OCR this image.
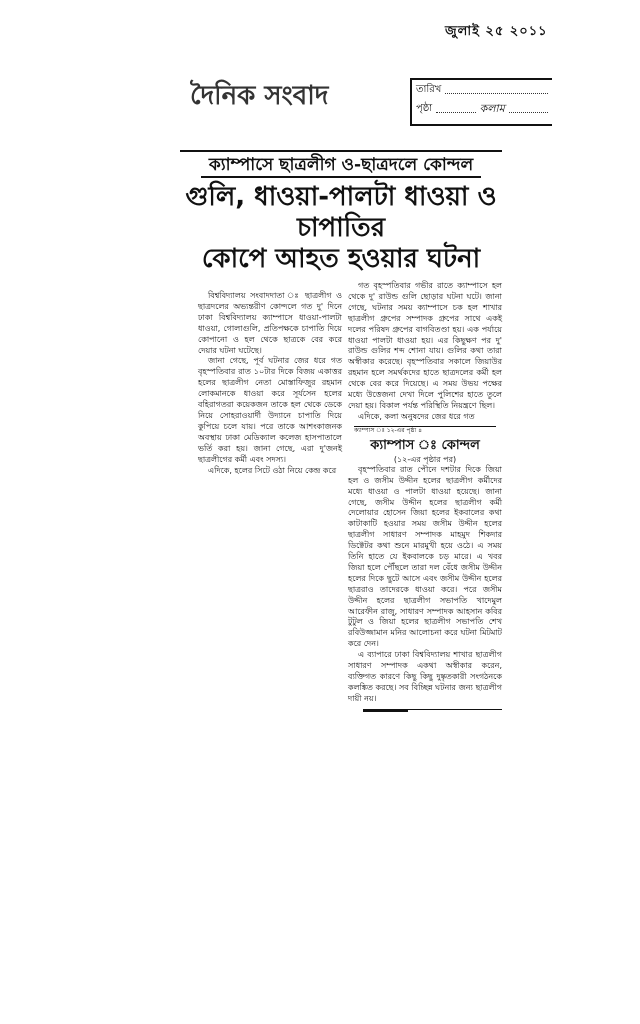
জুলাই ২৫ ২০১১
দৈনিক সংবাদ	তারিখ
পৃষ্ঠা	কলাম
ক্যাম্পাসে ছাত্রলীগ ও-ছাত্রদলে কোন্দল
গুলি, ধাওয়া-পালটা ধাওয়া ও চাপাতির
কোপে আহত হওয়ার ঘটনা

বিশ্ববিদ্যালয় সংবাদদাতা ঃ ছাত্রলীগ ও ছাত্রদলের অভ্যন্তরীণ কোন্দলে গত দু' দিনে ঢাকা বিশ্ববিদ্যালয় ক্যাম্পাসে ধাওয়া-পালটা ধাওয়া, গোলাগুলি, প্রতিপক্ষকে চাপাতি দিয়ে কোপানো ও হল থেকে ছাত্রকে বের করে দেয়ার ঘটনা ঘটেছে।

জানা গেছে, পূর্ব ঘটনার জের ধরে গত বৃহস্পতিবার রাত ১০টার দিকে বিজয় একাত্তর হলের ছাত্রলীগ নেতা মোস্তাফিজুর রহমান লোকমানকে ধাওয়া করে সূর্যসেন হলের বহিরাগতরা কয়েকজন তাকে হল থেকে ডেকে নিয়ে সোহরাওয়ার্দী উদ্যানে চাপাতি দিয়ে কুপিয়ে চলে যায়। পরে তাকে আশংকাজনক অবস্থায় ঢাকা মেডিক্যাল কলেজ হাসপাতালে ভর্তি করা হয়। জানা গেছে, এরা দু'জনই ছাত্রলীগের কর্মী এবং সদস্য।

এদিকে, হলের সিটে ওঠা নিয়ে কেন্দ্র করে

গত বৃহস্পতিবার গভীর রাতে ক্যাম্পাসে হল থেকে দু' রাউন্ড গুলি ছোড়ার ঘটনা ঘটে। জানা গেছে, ঘটনার সময় ক্যাম্পাসে চক হল শাখার ছাত্রলীগ গ্রুপের সম্পাদক গ্রুপের সাথে একই দলের পরিষদ গ্রুপের বাগবিতণ্ডা হয়। এক পর্যায়ে ধাওয়া পালটা ধাওয়া হয়। এর কিছুক্ষণ পর দু' রাউন্ড গুলির শব্দ শোনা যায়। গুলির কথা তারা অস্বীকার করেছে। বৃহস্পতিবার সকালে জিয়াউর রহমান হলে সমর্থকদের হাতে ছাত্রদলের কর্মী হল থেকে বের করে দিয়েছে। এ সময় উভয় পক্ষের মধ্যে উত্তেজনা দেখা দিলে পুলিশের হাতে তুলে দেয়া হয়। বিকাল পর্যন্ত পরিস্থিতি নিয়ন্ত্রণে ছিল।

এদিকে, কলা অনুষদের জের ধরে গত

ক্যাম্পাস ঃ ১২-এর পৃষ্ঠা ৪
ক্যাম্পাস ঃ কোন্দল
(১২-এর পৃষ্ঠার পর)

বৃহস্পতিবার রাত পৌনে দশটার দিকে জিয়া হল ও জসীম উদ্দীন হলের ছাত্রলীগ কর্মীদের মধ্যে ধাওয়া ও পালটা ধাওয়া হয়েছে। জানা গেছে, জসীম উদ্দীন হলের ছাত্রলীগ কর্মী দেলোয়ার হোসেন জিয়া হলের ইকবালের কথা কাটাকাটি হওয়ার সময় জসীম উদ্দীন হলের ছাত্রলীগ সাধারণ সম্পাদক মাহমুদ শিকদার ডিক্টেটর কথা শুনে মারমুখী হয়ে ওঠে। এ সময় তিনি হাতে যে ইকবালকে চড় মারে। এ খবর জিয়া হলে পৌঁছলে তারা দল বেঁধে জসীম উদ্দীন হলের দিকে ছুটে আসে এবং জসীম উদ্দীন হলের ছাত্ররাও তাদেরকে ধাওয়া করে। পরে জসীম উদ্দীন হলের ছাত্রলীগ সভাপতি খাদেমুল আরেফীন রাজু, সাধারণ সম্পাদক আহসান কবির টুটুল ও জিয়া হলের ছাত্রলীগ সভাপতি শেখ রবিউজ্জামান মনির আলোচনা করে ঘটনা মিটমাট করে দেন।

এ ব্যাপারে ঢাকা বিশ্ববিদ্যালয় শাখার ছাত্রলীগ সাধারণ সম্পাদক একথা অস্বীকার করেন, ব্যক্তিগত কারণে কিছু কিছু দুষ্কৃতকারী সংগঠনকে কলঙ্কিত করছে। সব বিচ্ছিন্ন ঘটনার জন্য ছাত্রলীগ দায়ী নয়।
